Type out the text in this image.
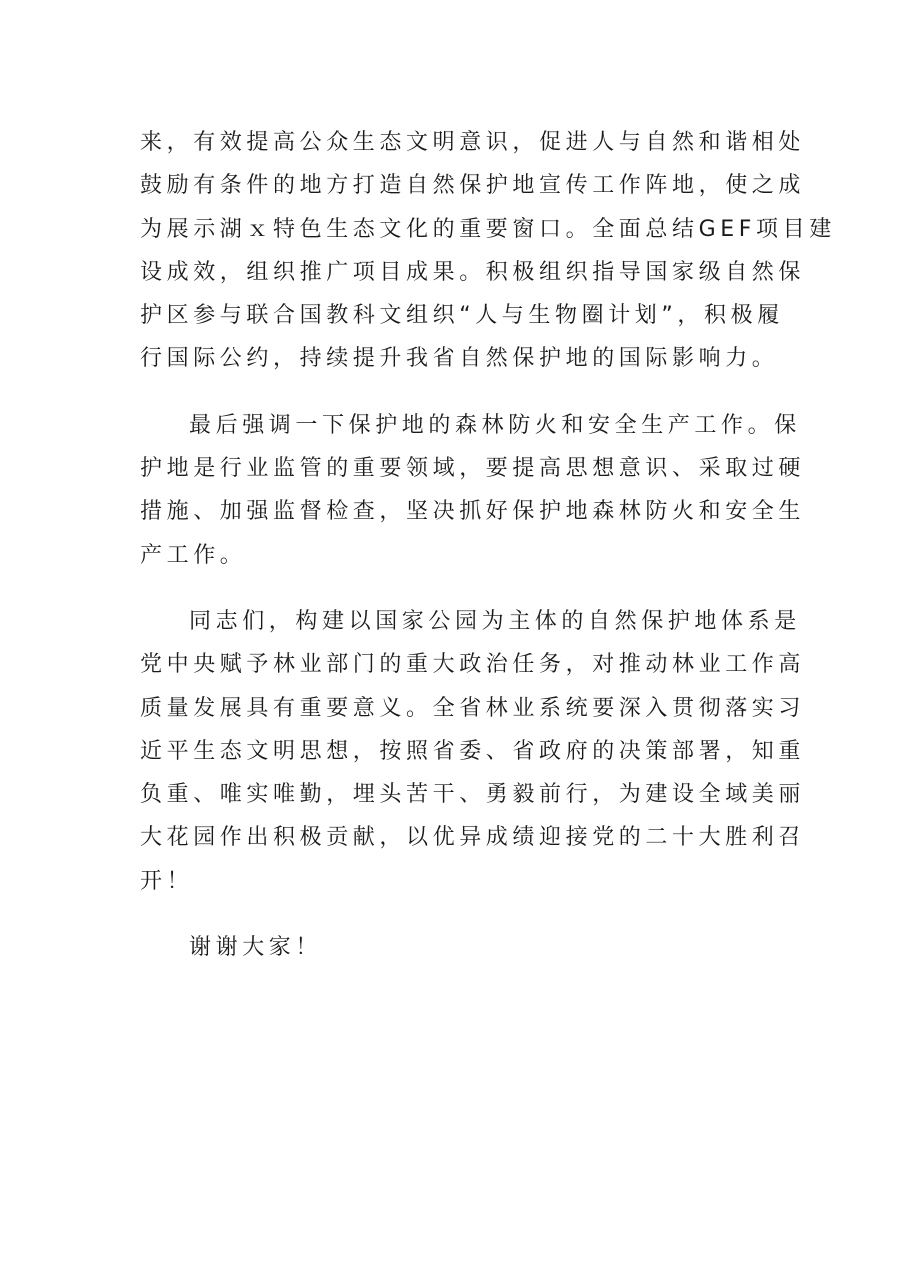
来，有效提高公众生态文明意识，促进人与自然和谐相处
鼓励有条件的地方打造自然保护地宣传工作阵地，使之成
为展示湖ｘ特色生态文化的重要窗口。全面总结GEF项目建
设成效，组织推广项目成果。积极组织指导国家级自然保
护区参与联合国教科文组织“人与生物圈计划”，积极履
行国际公约，持续提升我省自然保护地的国际影响力。
最后强调一下保护地的森林防火和安全生产工作。保
护地是行业监管的重要领域，要提高思想意识、采取过硬
措施、加强监督检查，坚决抓好保护地森林防火和安全生
产工作。
同志们，构建以国家公园为主体的自然保护地体系是
党中央赋予林业部门的重大政治任务，对推动林业工作高
质量发展具有重要意义。全省林业系统要深入贯彻落实习
近平生态文明思想，按照省委、省政府的决策部署，知重
负重、唯实唯勤，埋头苦干、勇毅前行，为建设全域美丽
大花园作出积极贡献，以优异成绩迎接党的二十大胜利召
开！
谢谢大家！
